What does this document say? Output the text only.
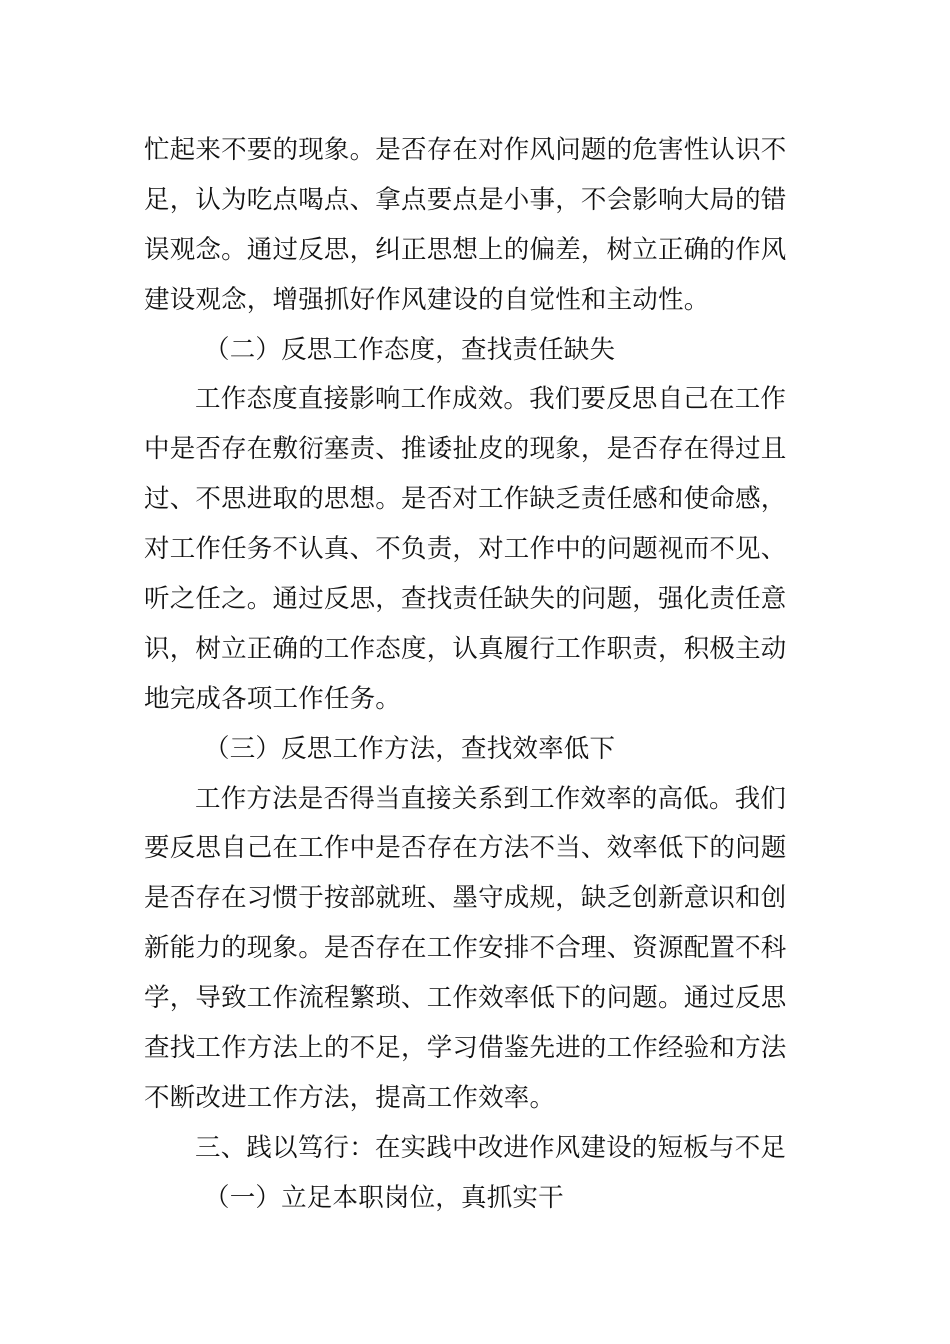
忙起来不要的现象。是否存在对作风问题的危害性认识不
足，认为吃点喝点、拿点要点是小事，不会影响大局的错
误观念。通过反思，纠正思想上的偏差，树立正确的作风
建设观念，增强抓好作风建设的自觉性和主动性。
（二）反思工作态度，查找责任缺失
工作态度直接影响工作成效。我们要反思自己在工作
中是否存在敷衍塞责、推诿扯皮的现象，是否存在得过且
过、不思进取的思想。是否对工作缺乏责任感和使命感，
对工作任务不认真、不负责，对工作中的问题视而不见、
听之任之。通过反思，查找责任缺失的问题，强化责任意
识，树立正确的工作态度，认真履行工作职责，积极主动
地完成各项工作任务。
（三）反思工作方法，查找效率低下
工作方法是否得当直接关系到工作效率的高低。我们
要反思自己在工作中是否存在方法不当、效率低下的问题
是否存在习惯于按部就班、墨守成规，缺乏创新意识和创
新能力的现象。是否存在工作安排不合理、资源配置不科
学，导致工作流程繁琐、工作效率低下的问题。通过反思
查找工作方法上的不足，学习借鉴先进的工作经验和方法
不断改进工作方法，提高工作效率。
三、践以笃行：在实践中改进作风建设的短板与不足
（一）立足本职岗位，真抓实干
